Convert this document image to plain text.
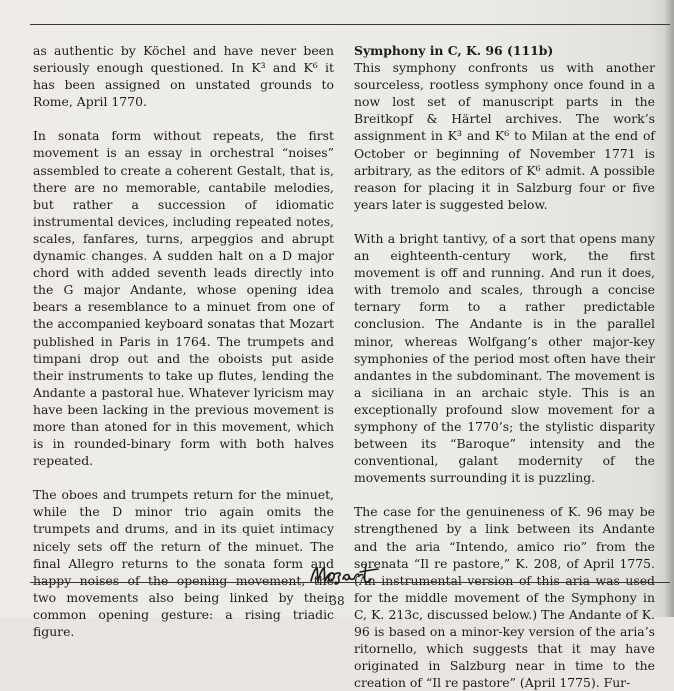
as authentic by Köchel and have never been seriously enough questioned. In K³ and K⁶ it has been assigned on unstated grounds to Rome, April 1770.

In sonata form without repeats, the first movement is an essay in orchestral “noises” assembled to create a coherent Gestalt, that is, there are no memorable, cantabile melodies, but rather a succession of idiomatic instrumental devices, including repeated notes, scales, fanfares, turns, arpeggios and abrupt dynamic changes. A sudden halt on a D major chord with added seventh leads directly into the G major Andante, whose opening idea bears a resemblance to a minuet from one of the accompanied keyboard sonatas that Mozart published in Paris in 1764. The trumpets and timpani drop out and the oboists put aside their instruments to take up flutes, lending the Andante a pastoral hue. Whatever lyricism may have been lacking in the previous movement is more than atoned for in this movement, which is in rounded-binary form with both halves repeated.

The oboes and trumpets return for the minuet, while the D minor trio again omits the trumpets and drums, and in its quiet intimacy nicely sets off the return of the minuet. The final Allegro returns to the sonata form and happy noises of the opening movement, the two movements also being linked by their common opening gesture: a rising triadic figure.

Symphony in C, K. 96 (111b)

This symphony confronts us with another sourceless, rootless symphony once found in a now lost set of manuscript parts in the Breitkopf & Härtel archives. The work’s assignment in K³ and K⁶ to Milan at the end of October or beginning of November 1771 is arbitrary, as the editors of K⁶ admit. A possible reason for placing it in Salzburg four or five years later is suggested below.

With a bright tantivy, of a sort that opens many an eighteenth-century work, the first movement is off and running. And run it does, with tremolo and scales, through a concise ternary form to a rather predictable conclusion. The Andante is in the parallel minor, whereas Wolfgang’s other major-key symphonies of the period most often have their andantes in the subdominant. The movement is a siciliana in an archaic style. This is an exceptionally profound slow movement for a symphony of the 1770’s; the stylistic disparity between its “Baroque” intensity and the conventional, galant modernity of the movements surrounding it is puzzling.

The case for the genuineness of K. 96 may be strengthened by a link between its Andante and the aria “Intendo, amico rio” from the serenata “Il re pastore,” K. 208, of April 1775. (An instrumental version of this aria was used for the middle movement of the Symphony in C, K. 213c, discussed below.) The Andante of K. 96 is based on a minor-key version of the aria’s ritornello, which suggests that it may have originated in Salzburg near in time to the creation of “Il re pastore” (April 1775). Fur-

38
